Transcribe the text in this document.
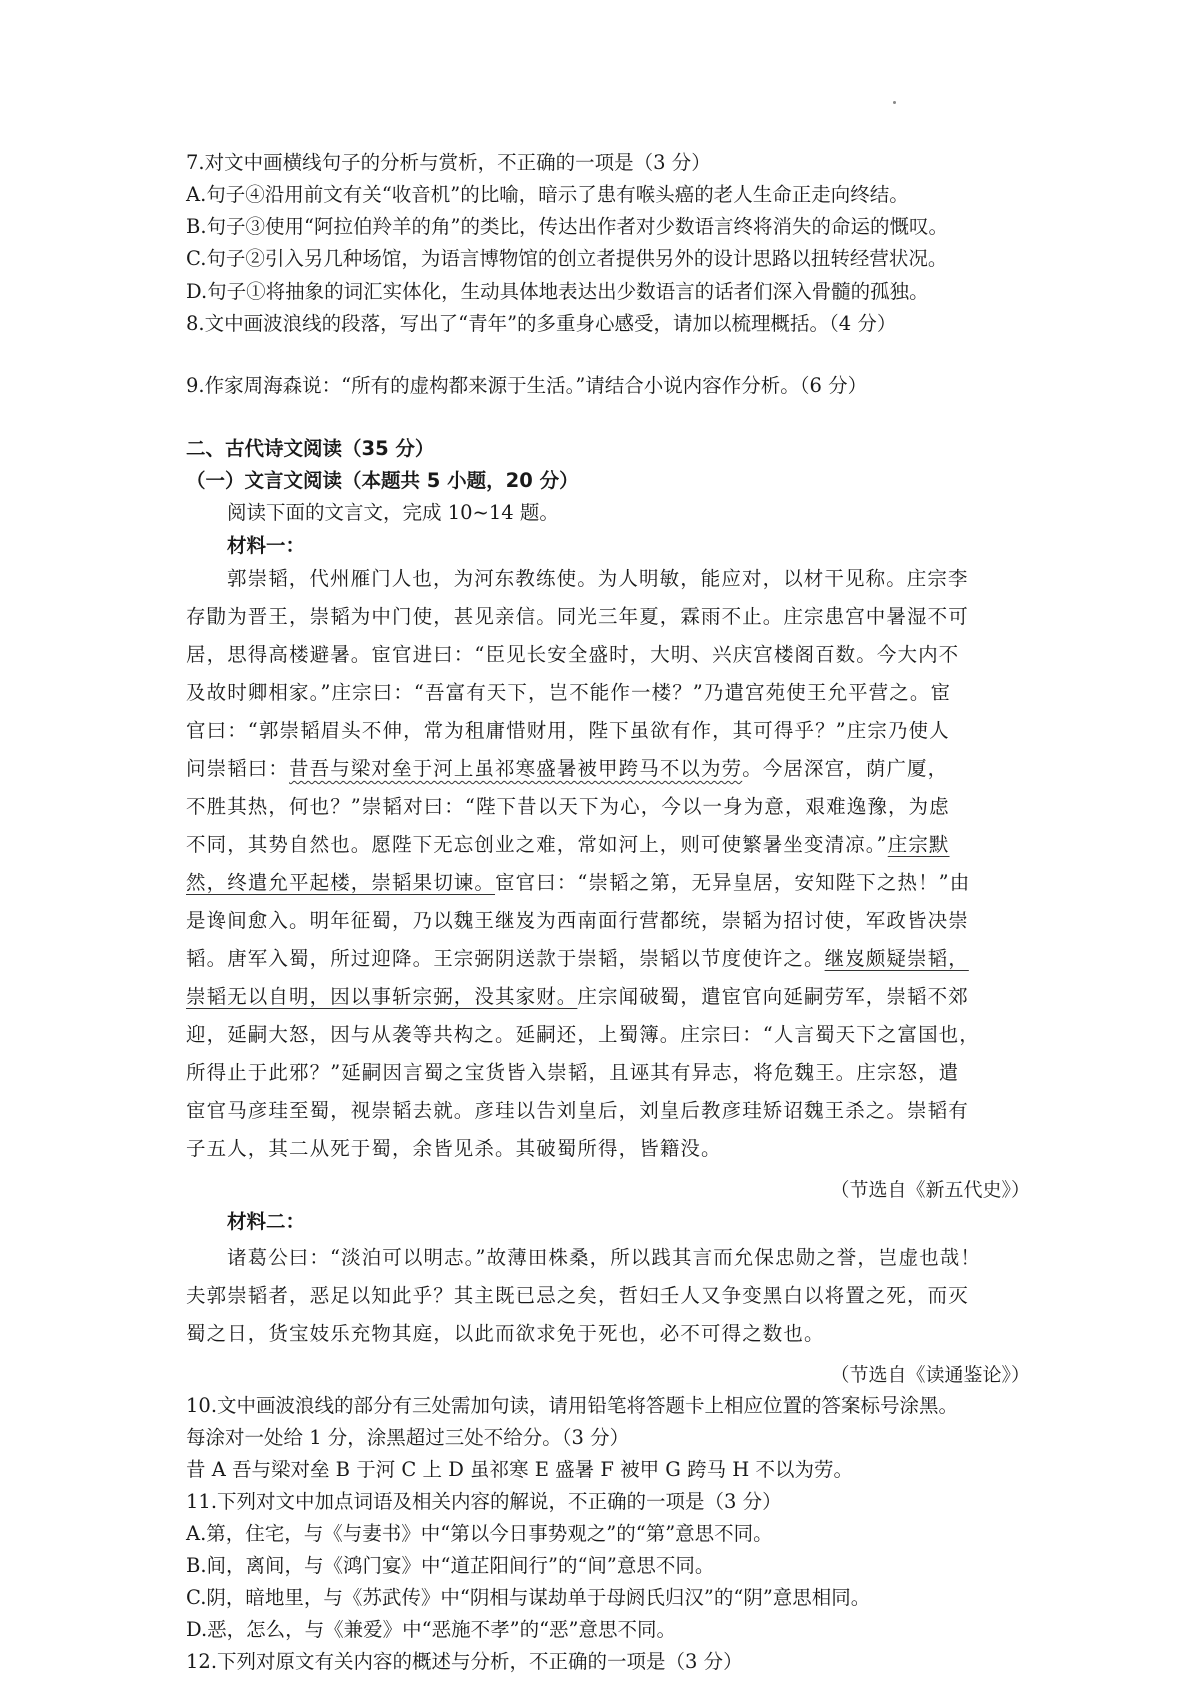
7.对文中画横线句子的分析与赏析，不正确的一项是（3 分）
A.句子④沿用前文有关“收音机”的比喻，暗示了患有喉头癌的老人生命正走向终结。
B.句子③使用“阿拉伯羚羊的角”的类比，传达出作者对少数语言终将消失的命运的慨叹。
C.句子②引入另几种场馆，为语言博物馆的创立者提供另外的设计思路以扭转经营状况。
D.句子①将抽象的词汇实体化，生动具体地表达出少数语言的话者们深入骨髓的孤独。
8.文中画波浪线的段落，写出了“青年”的多重身心感受，请加以梳理概括。（4 分）
9.作家周海森说：“所有的虚构都来源于生活。”请结合小说内容作分析。（6 分）
二、古代诗文阅读（35 分）
（一）文言文阅读（本题共 5 小题，20 分）
阅读下面的文言文，完成 10~14 题。
材料一：
郭崇韬，代州雁门人也，为河东教练使。为人明敏，能应对，以材干见称。庄宗李
存勖为晋王，崇韬为中门使，甚见亲信。同光三年夏，霖雨不止。庄宗患宫中暑湿不可
居，思得高楼避暑。宦官进曰：“臣见长安全盛时，大明、兴庆宫楼阁百数。今大内不
及故时卿相家。”庄宗曰：“吾富有天下，岂不能作一楼？”乃遣宫苑使王允平营之。宦
官曰：“郭崇韬眉头不伸，常为租庸惜财用，陛下虽欲有作，其可得乎？”庄宗乃使人
问崇韬曰：昔吾与梁对垒于河上虽祁寒盛暑被甲跨马不以为劳。今居深宫，荫广厦，
不胜其热，何也？”崇韬对曰：“陛下昔以天下为心，今以一身为意，艰难逸豫，为虑
不同，其势自然也。愿陛下无忘创业之难，常如河上，则可使繁暑坐变清凉。”庄宗默
然，终遣允平起楼，崇韬果切谏。宦官曰：“崇韬之第，无异皇居，安知陛下之热！”由
是谗间愈入。明年征蜀，乃以魏王继岌为西南面行营都统，崇韬为招讨使，军政皆决崇
韬。唐军入蜀，所过迎降。王宗弼阴送款于崇韬，崇韬以节度使许之。继岌颇疑崇韬，
崇韬无以自明，因以事斩宗弼，没其家财。庄宗闻破蜀，遣宦官向延嗣劳军，崇韬不郊
迎，延嗣大怒，因与从袭等共构之。延嗣还，上蜀簿。庄宗曰：“人言蜀天下之富国也，
所得止于此邪？”延嗣因言蜀之宝货皆入崇韬，且诬其有异志，将危魏王。庄宗怒，遣
宦官马彦珪至蜀，视崇韬去就。彦珪以告刘皇后，刘皇后教彦珪矫诏魏王杀之。崇韬有
子五人，其二从死于蜀，余皆见杀。其破蜀所得，皆籍没。
（节选自《新五代史》）
材料二：
诸葛公曰：“淡泊可以明志。”故薄田株桑，所以践其言而允保忠勋之誉，岂虚也哉！
夫郭崇韬者，恶足以知此乎？其主既已忌之矣，哲妇壬人又争变黑白以将置之死，而灭
蜀之日，货宝妓乐充物其庭，以此而欲求免于死也，必不可得之数也。
（节选自《读通鉴论》）
10.文中画波浪线的部分有三处需加句读，请用铅笔将答题卡上相应位置的答案标号涂黑。
每涂对一处给 1 分，涂黑超过三处不给分。（3 分）
昔 A 吾与梁对垒 B 于河 C 上 D 虽祁寒 E 盛暑 F 被甲 G 跨马 H 不以为劳。
11.下列对文中加点词语及相关内容的解说，不正确的一项是（3 分）
A.第，住宅，与《与妻书》中“第以今日事势观之”的“第”意思不同。
B.间，离间，与《鸿门宴》中“道芷阳间行”的“间”意思不同。
C.阴，暗地里，与《苏武传》中“阴相与谋劫单于母阏氏归汉”的“阴”意思相同。
D.恶，怎么，与《兼爱》中“恶施不孝”的“恶”意思不同。
12.下列对原文有关内容的概述与分析，不正确的一项是（3 分）
